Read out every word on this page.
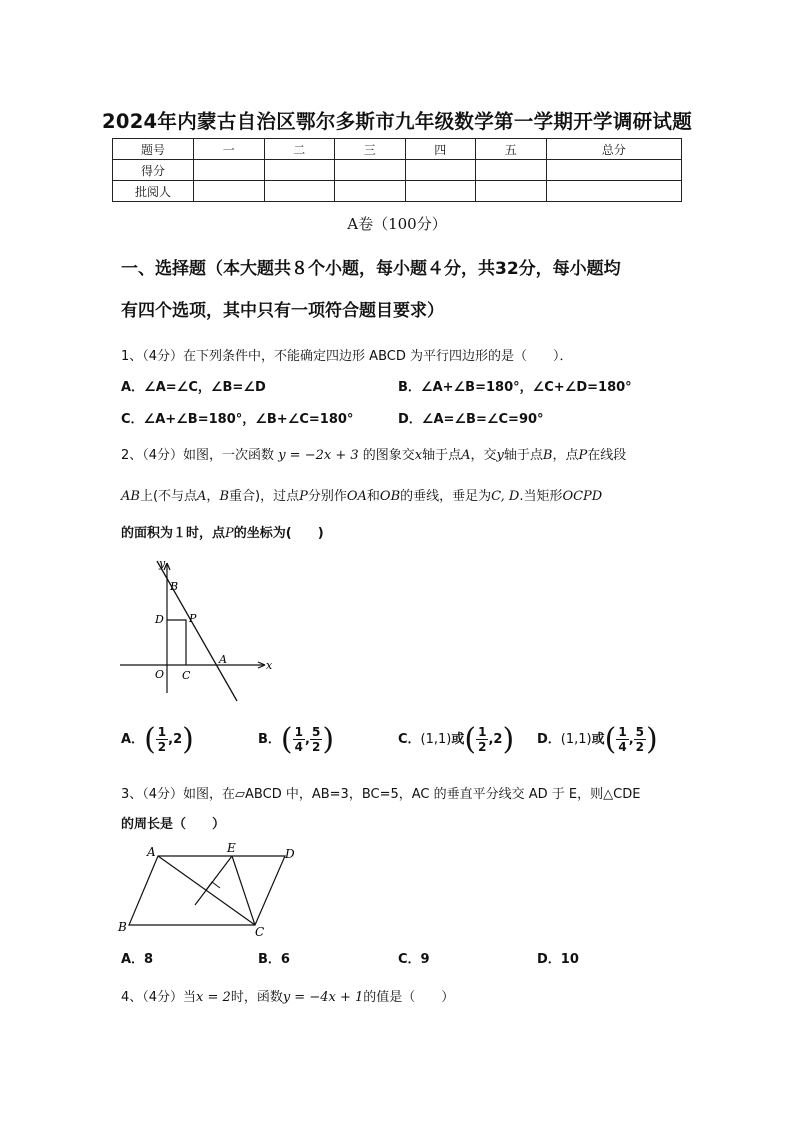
2024年内蒙古自治区鄂尔多斯市九年级数学第一学期开学调研试题
题号	一	二	三	四	五	总分
得分						
批阅人						
A卷（100分）
一、选择题（本大题共８个小题，每小题４分，共32分，每小题均
有四个选项，其中只有一项符合题目要求）
1、（4分）在下列条件中，不能确定四边形 ABCD 为平行四边形的是（　　）．
A．∠A=∠C，∠B=∠D	B．∠A+∠B=180°，∠C+∠D=180°
C．∠A+∠B=180°，∠B+∠C=180°	D．∠A=∠B=∠C=90°
2、（4分）如图，一次函数 y = −2x + 3 的图象交x轴于点A，交y轴于点B，点P在线段
AB上(不与点A，B重合)，过点P分别作OA和OB的垂线，垂足为C, D.当矩形OCPD
的面积为１时，点P的坐标为(　　)
y
B
D P
A	x
O C
A．( $\frac{1}{2} ,2$)	B．( $\frac{1}{4}$ , $\frac{5}{2}$ )	C．(1,1)或( $\frac{1}{2} ,2$) D．(1,1)或( $\frac{1}{4}$ , $\frac{5}{2}$ )
3、（4分）如图，在▱ABCD 中，AB=3，BC=5，AC 的垂直平分线交 AD 于 E，则△CDE
的周长是（　　）
A	E	D
B	C
A．8	B．6	C．9	D．10
4、（4分）当x = 2时，函数y = −4x + 1的值是（　　）
